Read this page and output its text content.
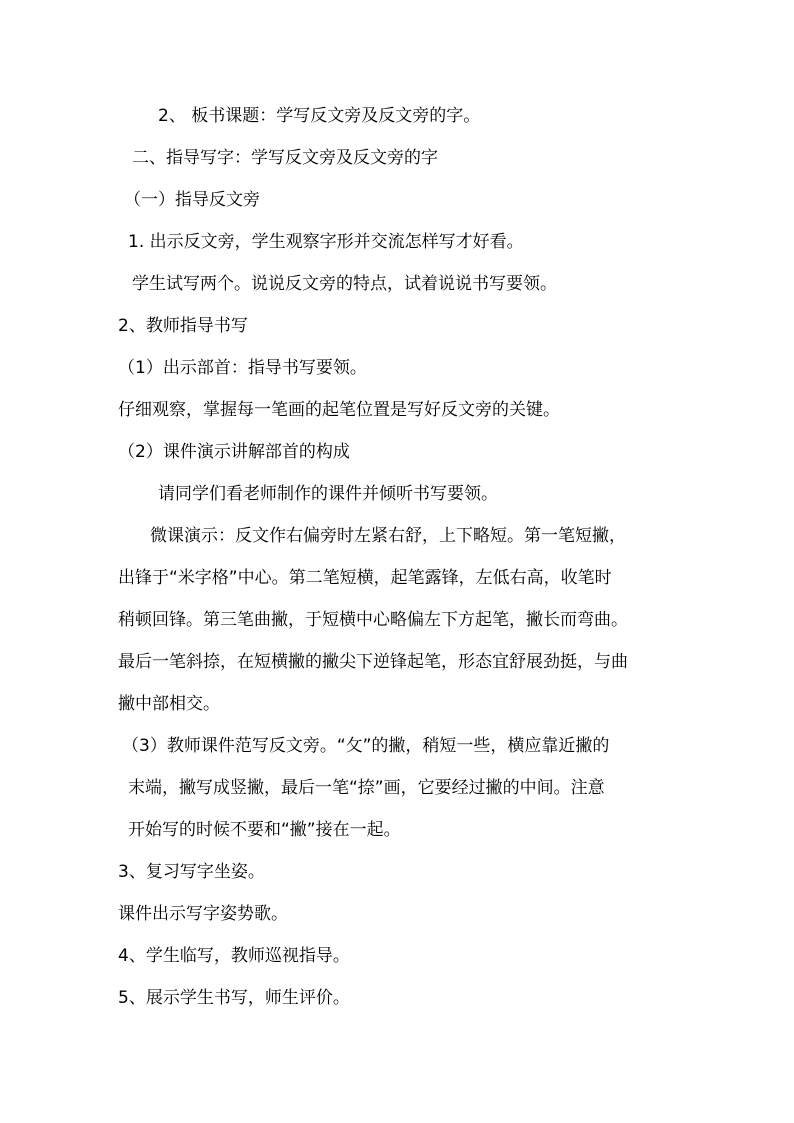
2、 板书课题：学写反文旁及反文旁的字。
二、指导写字：学写反文旁及反文旁的字
（一）指导反文旁
1. 出示反文旁，学生观察字形并交流怎样写才好看。
学生试写两个。说说反文旁的特点，试着说说书写要领。
2、教师指导书写
（1）出示部首：指导书写要领。
仔细观察，掌握每一笔画的起笔位置是写好反文旁的关键。
（2）课件演示讲解部首的构成
请同学们看老师制作的课件并倾听书写要领。
微课演示：反文作右偏旁时左紧右舒，上下略短。第一笔短撇，
出锋于“米字格”中心。第二笔短横，起笔露锋，左低右高，收笔时
稍顿回锋。第三笔曲撇，于短横中心略偏左下方起笔，撇长而弯曲。
最后一笔斜捺，在短横撇的撇尖下逆锋起笔，形态宜舒展劲挺，与曲
撇中部相交。
（3）教师课件范写反文旁。“攵”的撇，稍短一些，横应靠近撇的
末端，撇写成竖撇，最后一笔“捺”画，它要经过撇的中间。注意
开始写的时候不要和“撇”接在一起。
3、复习写字坐姿。
课件出示写字姿势歌。
4、学生临写，教师巡视指导。
5、展示学生书写，师生评价。
